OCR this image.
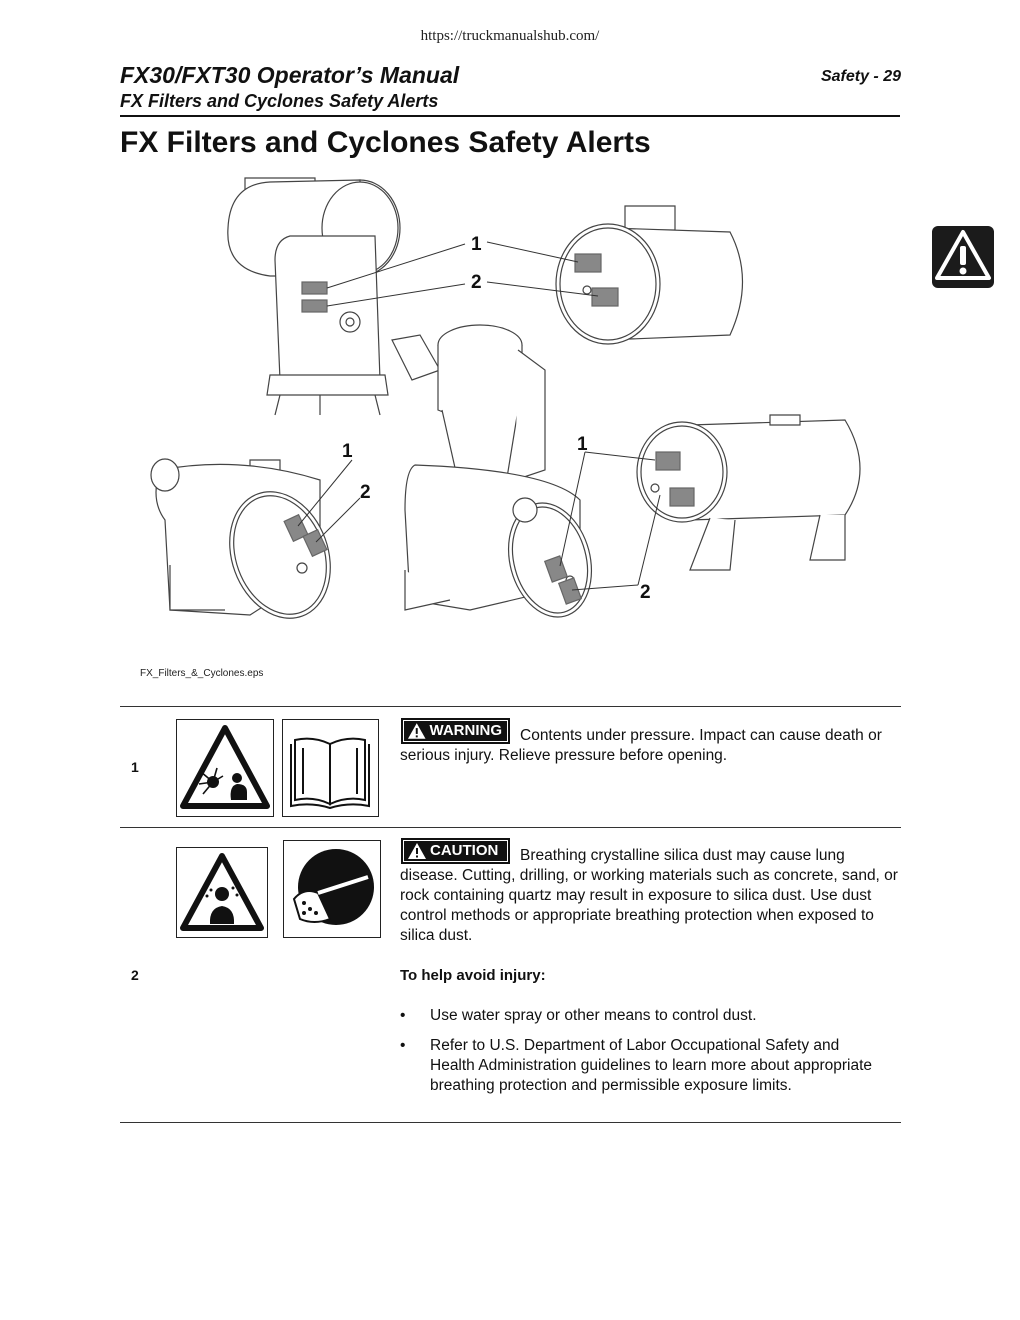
https://truckmanualshub.com/
FX30/FXT30 Operator’s Manual
FX Filters and Cyclones Safety Alerts
Safety - 29
FX Filters and Cyclones Safety Alerts
1
2
1
2
1
2
FX_Filters_&_Cyclones.eps
1
WARNING	Contents under pressure. Impact can cause death or serious injury. Relieve pressure before opening.
2
CAUTION	Breathing crystalline silica dust may cause lung disease. Cutting, drilling, or working materials such as concrete, sand, or rock containing quartz may result in exposure to silica dust. Use dust control methods or appropriate breathing protection when exposed to silica dust.
To help avoid injury:
• Use water spray or other means to control dust.
• Refer to U.S. Department of Labor Occupational Safety and Health Administration guidelines to learn more about appropriate breathing protection and permissible exposure limits.
